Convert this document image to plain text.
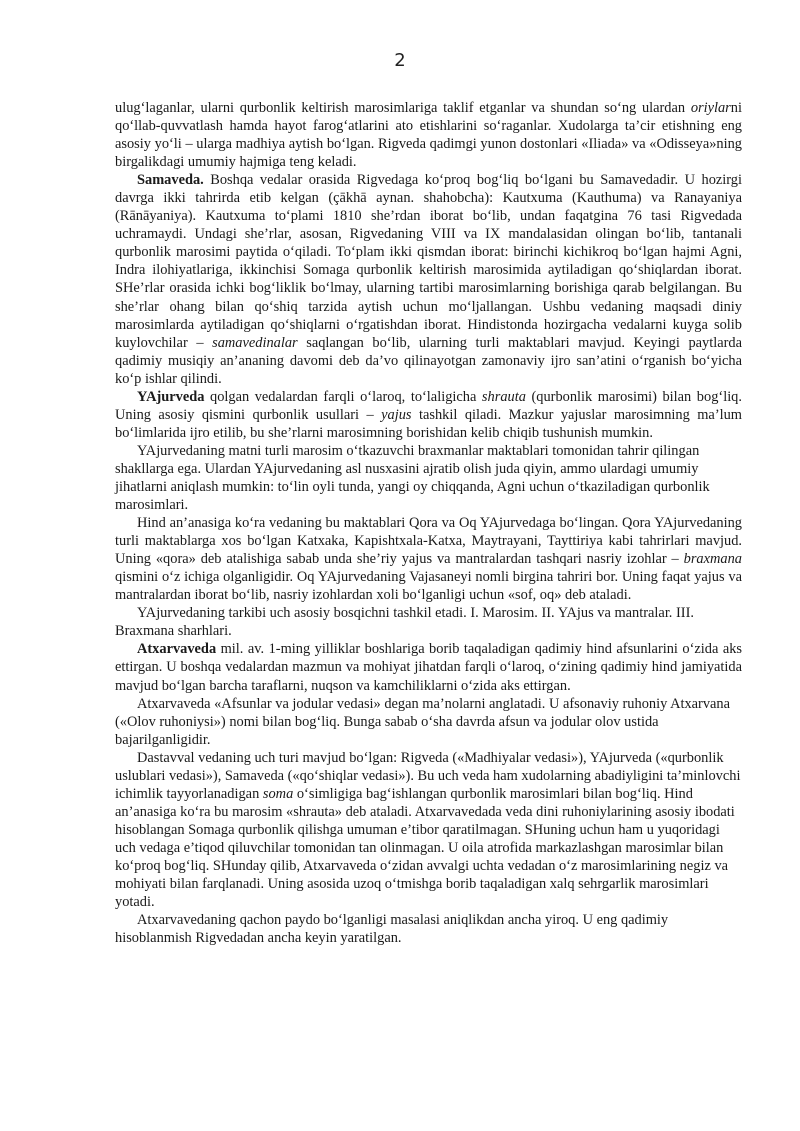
2

ulug‘laganlar, ularni qurbonlik keltirish marosimlariga taklif etganlar va shundan so‘ng ulardan oriylarni qo‘llab-quvvatlash hamda hayot farog‘atlarini ato etishlarini so‘raganlar. Xudolarga ta’cir etishning eng asosiy yo‘li – ularga madhiya aytish bo‘lgan. Rigveda qadimgi yunon dostonlari «Iliada» va «Odisseya»ning birgalikdagi umumiy hajmiga teng keladi.

Samaveda. Boshqa vedalar orasida Rigvedaga ko‘proq bog‘liq bo‘lgani bu Samavedadir. U hozirgi davrga ikki tahrirda etib kelgan (çākhā aynan. shahobcha): Kautxuma (Kauthuma) va Ranayaniya (Rānāyaniya). Kautxuma to‘plami 1810 she’rdan iborat bo‘lib, undan faqatgina 76 tasi Rigvedada uchramaydi. Undagi she’rlar, asosan, Rigvedaning VIII va IX mandalasidan olingan bo‘lib, tantanali qurbonlik marosimi paytida o‘qiladi. To‘plam ikki qismdan iborat: birinchi kichikroq bo‘lgan hajmi Agni, Indra ilohiyatlariga, ikkinchisi Somaga qurbonlik keltirish marosimida aytiladigan qo‘shiqlardan iborat. SHe’rlar orasida ichki bog‘liklik bo‘lmay, ularning tartibi marosimlarning borishiga qarab belgilangan. Bu she’rlar ohang bilan qo‘shiq tarzida aytish uchun mo‘ljallangan. Ushbu vedaning maqsadi diniy marosimlarda aytiladigan qo‘shiqlarni o‘rgatishdan iborat. Hindistonda hozirgacha vedalarni kuyga solib kuylovchilar – samavedinalar saqlangan bo‘lib, ularning turli maktablari mavjud. Keyingi paytlarda qadimiy musiqiy an’ananing davomi deb da’vo qilinayotgan zamonaviy ijro san’atini o‘rganish bo‘yicha ko‘p ishlar qilindi.

YAjurveda qolgan vedalardan farqli o‘laroq, to‘laligicha shrauta (qurbonlik marosimi) bilan bog‘liq. Uning asosiy qismini qurbonlik usullari – yajus tashkil qiladi. Mazkur yajuslar marosimning ma’lum bo‘limlarida ijro etilib, bu she’rlarni marosimning borishidan kelib chiqib tushunish mumkin.

YAjurvedaning matni turli marosim o‘tkazuvchi braxmanlar maktablari tomonidan tahrir qilingan shakllarga ega. Ulardan YAjurvedaning asl nusxasini ajratib olish juda qiyin, ammo ulardagi umumiy jihatlarni aniqlash mumkin: to‘lin oyli tunda, yangi oy chiqqanda, Agni uchun o‘tkaziladigan qurbonlik marosimlari.

Hind an’anasiga ko‘ra vedaning bu maktablari Qora va Oq YAjurvedaga bo‘lingan. Qora YAjurvedaning turli maktablarga xos bo‘lgan Katxaka, Kapishtxala-Katxa, Maytrayani, Tayttiriya kabi tahrirlari mavjud. Uning «qora» deb atalishiga sabab unda she’riy yajus va mantralardan tashqari nasriy izohlar – braxmana qismini o‘z ichiga olganligidir. Oq YAjurvedaning Vajasaneyi nomli birgina tahriri bor. Uning faqat yajus va mantralardan iborat bo‘lib, nasriy izohlardan xoli bo‘lganligi uchun «sof, oq» deb ataladi.

YAjurvedaning tarkibi uch asosiy bosqichni tashkil etadi. I. Marosim. II. YAjus va mantralar. III. Braxmana sharhlari.

Atxarvaveda mil. av. 1-ming yilliklar boshlariga borib taqaladigan qadimiy hind afsunlarini o‘zida aks ettirgan. U boshqa vedalardan mazmun va mohiyat jihatdan farqli o‘laroq, o‘zining qadimiy hind jamiyatida mavjud bo‘lgan barcha taraflarni, nuqson va kamchiliklarni o‘zida aks ettirgan.

Atxarvaveda «Afsunlar va jodular vedasi» degan ma’nolarni anglatadi. U afsonaviy ruhoniy Atxarvana («Olov ruhoniysi») nomi bilan bog‘liq. Bunga sabab o‘sha davrda afsun va jodular olov ustida bajarilganligidir.

Dastavval vedaning uch turi mavjud bo‘lgan: Rigveda («Madhiyalar vedasi»), YAjurveda («qurbonlik uslublari vedasi»), Samaveda («qo‘shiqlar vedasi»). Bu uch veda ham xudolarning abadiyligini ta’minlovchi ichimlik tayyorlanadigan soma o‘simligiga bag‘ishlangan qurbonlik marosimlari bilan bog‘liq. Hind an’anasiga ko‘ra bu marosim «shrauta» deb ataladi. Atxarvavedada veda dini ruhoniylarining asosiy ibodati hisoblangan Somaga qurbonlik qilishga umuman e’tibor qaratilmagan. SHuning uchun ham u yuqoridagi uch vedaga e’tiqod qiluvchilar tomonidan tan olinmagan. U oila atrofida markazlashgan marosimlar bilan ko‘proq bog‘liq. SHunday qilib, Atxarvaveda o‘zidan avvalgi uchta vedadan o‘z marosimlarining negiz va mohiyati bilan farqlanadi. Uning asosida uzoq o‘tmishga borib taqaladigan xalq sehrgarlik marosimlari yotadi.

Atxarvavedaning qachon paydo bo‘lganligi masalasi aniqlikdan ancha yiroq. U eng qadimiy hisoblanmish Rigvedadan ancha keyin yaratilgan.
